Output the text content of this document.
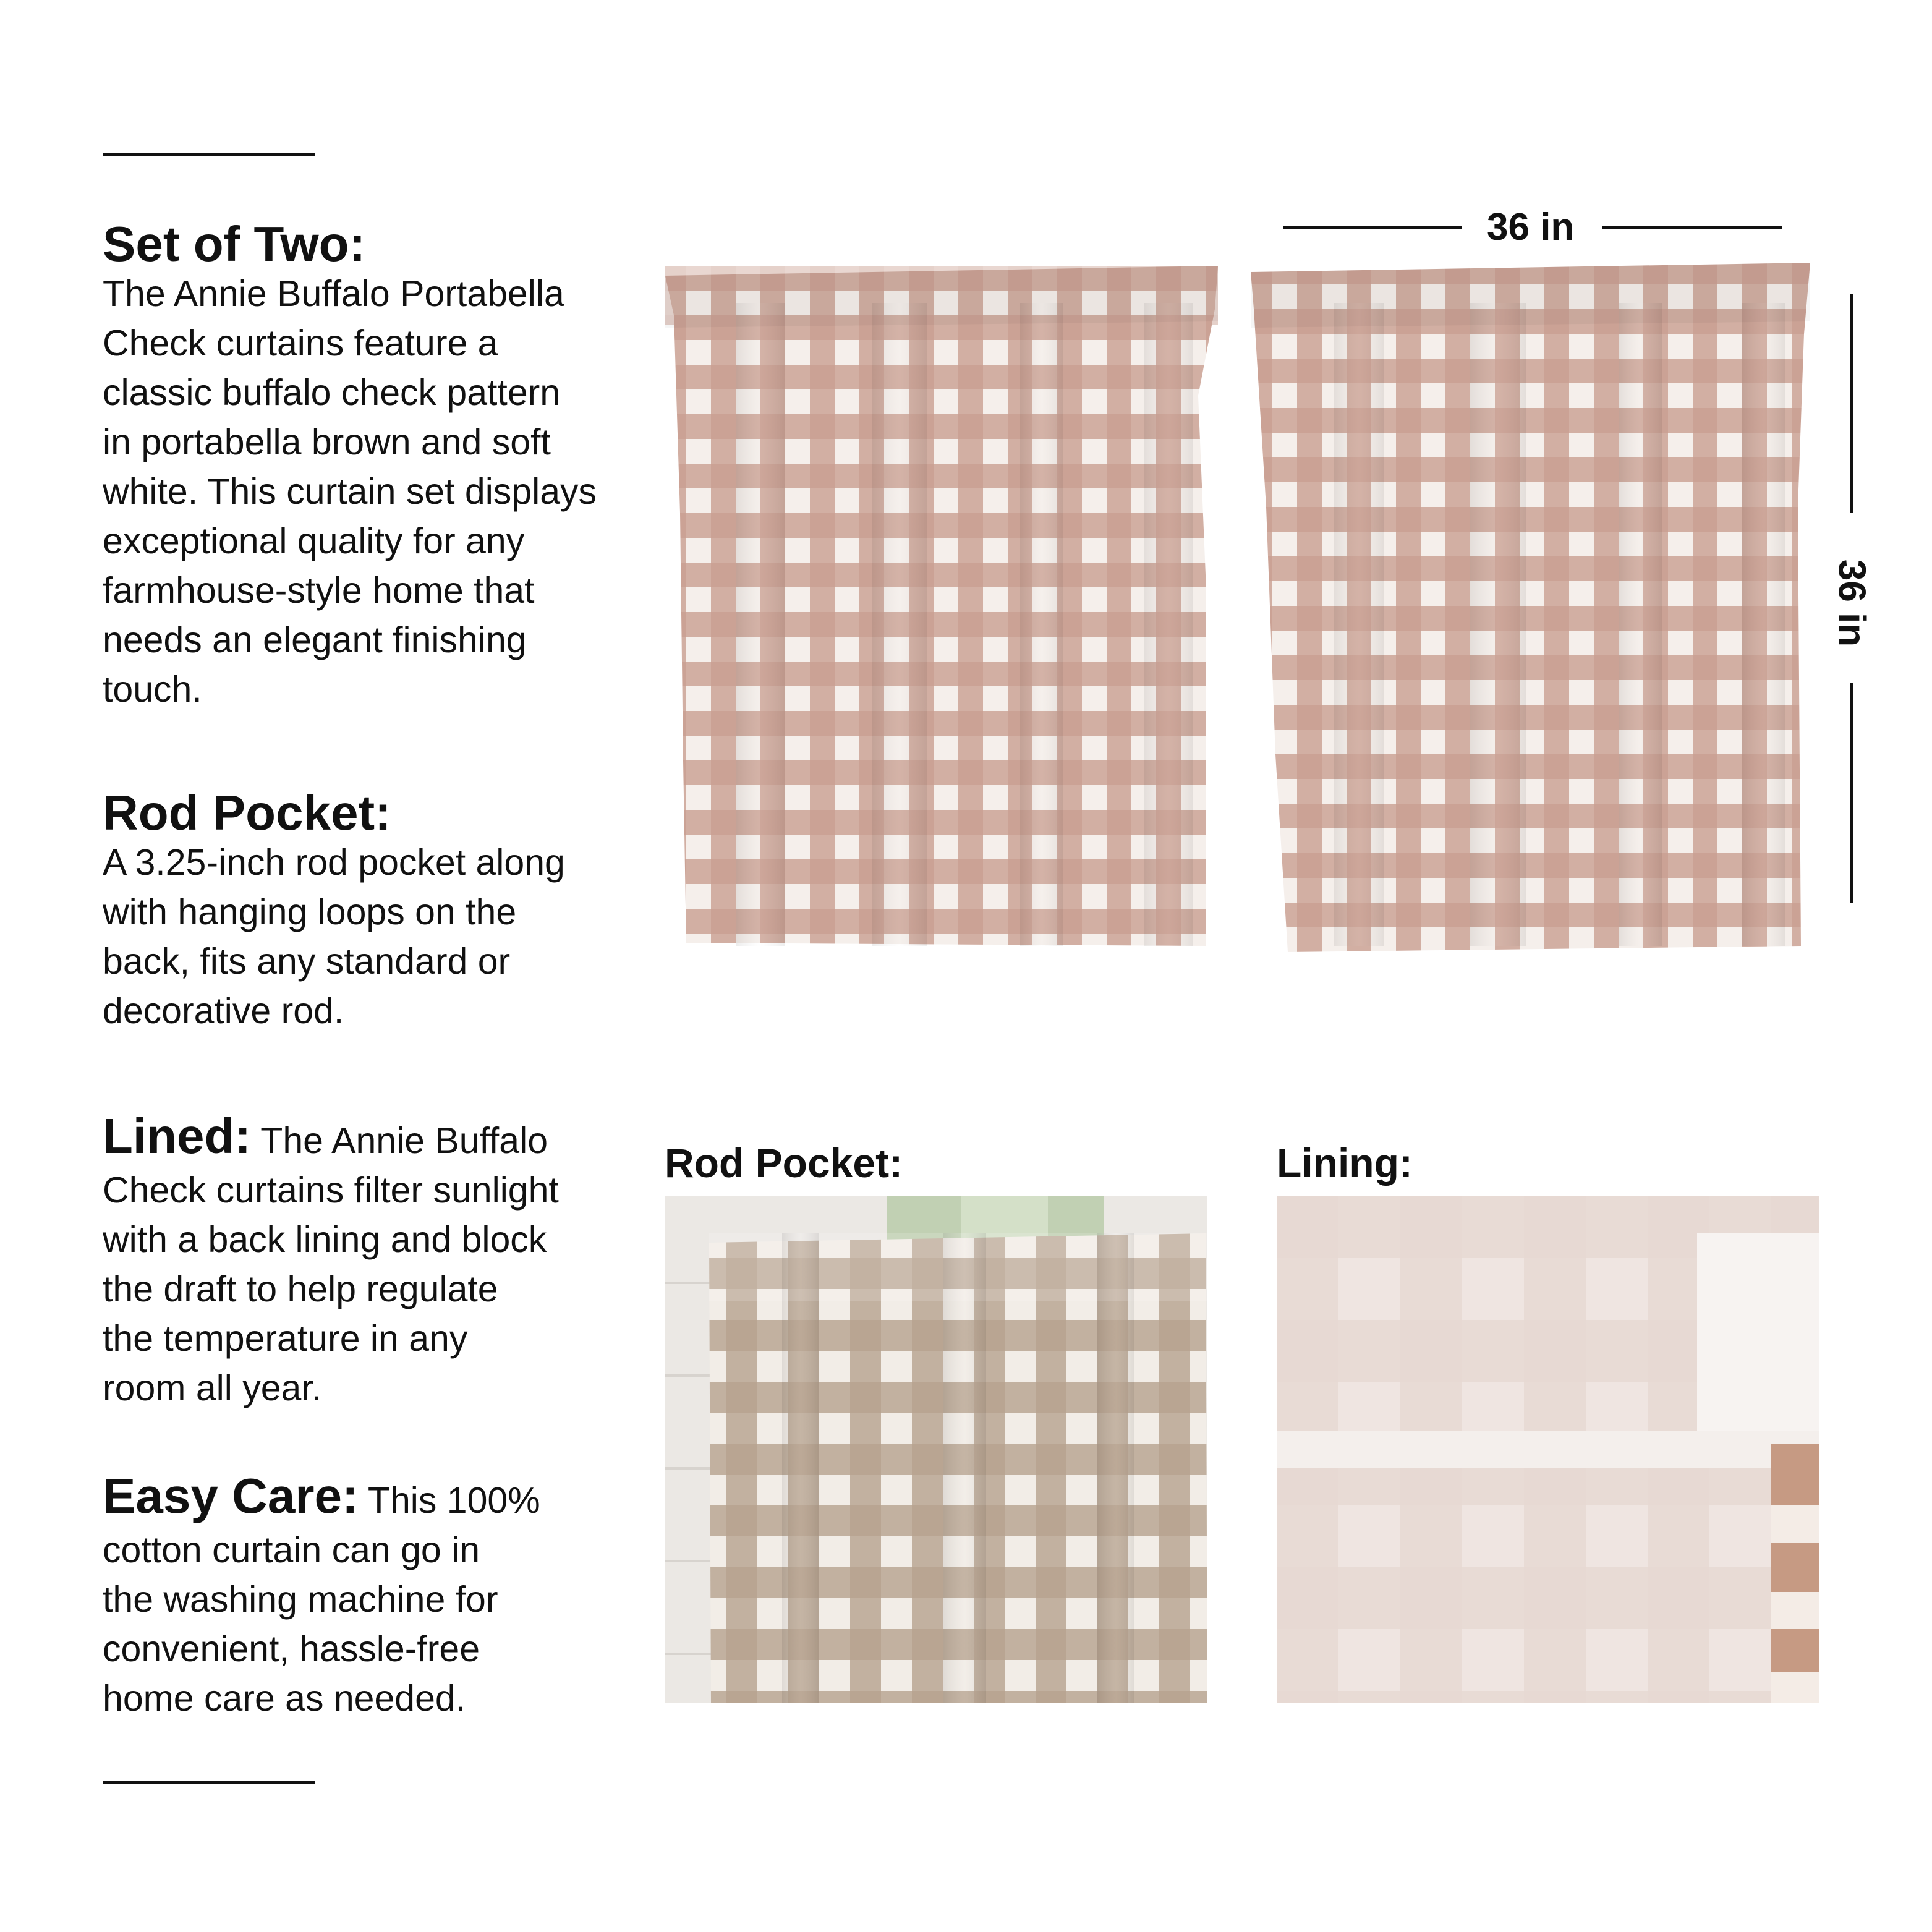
Set of Two:
The Annie Buffalo Portabella
Check curtains feature a
classic buffalo check pattern
in portabella brown and soft
white. This curtain set displays
exceptional quality for any
farmhouse-style home that
needs an elegant finishing
touch.
Rod Pocket:
A 3.25-inch rod pocket along
with hanging loops on the
back, fits any standard or
decorative rod.
Lined: The Annie Buffalo
Check curtains filter sunlight
with a back lining and block
the draft to help regulate
the temperature in any
room all year.
Easy Care: This 100%
cotton curtain can go in
the washing machine for
convenient, hassle-free
home care as needed.
36 in
36 in
Rod Pocket:	Lining:
